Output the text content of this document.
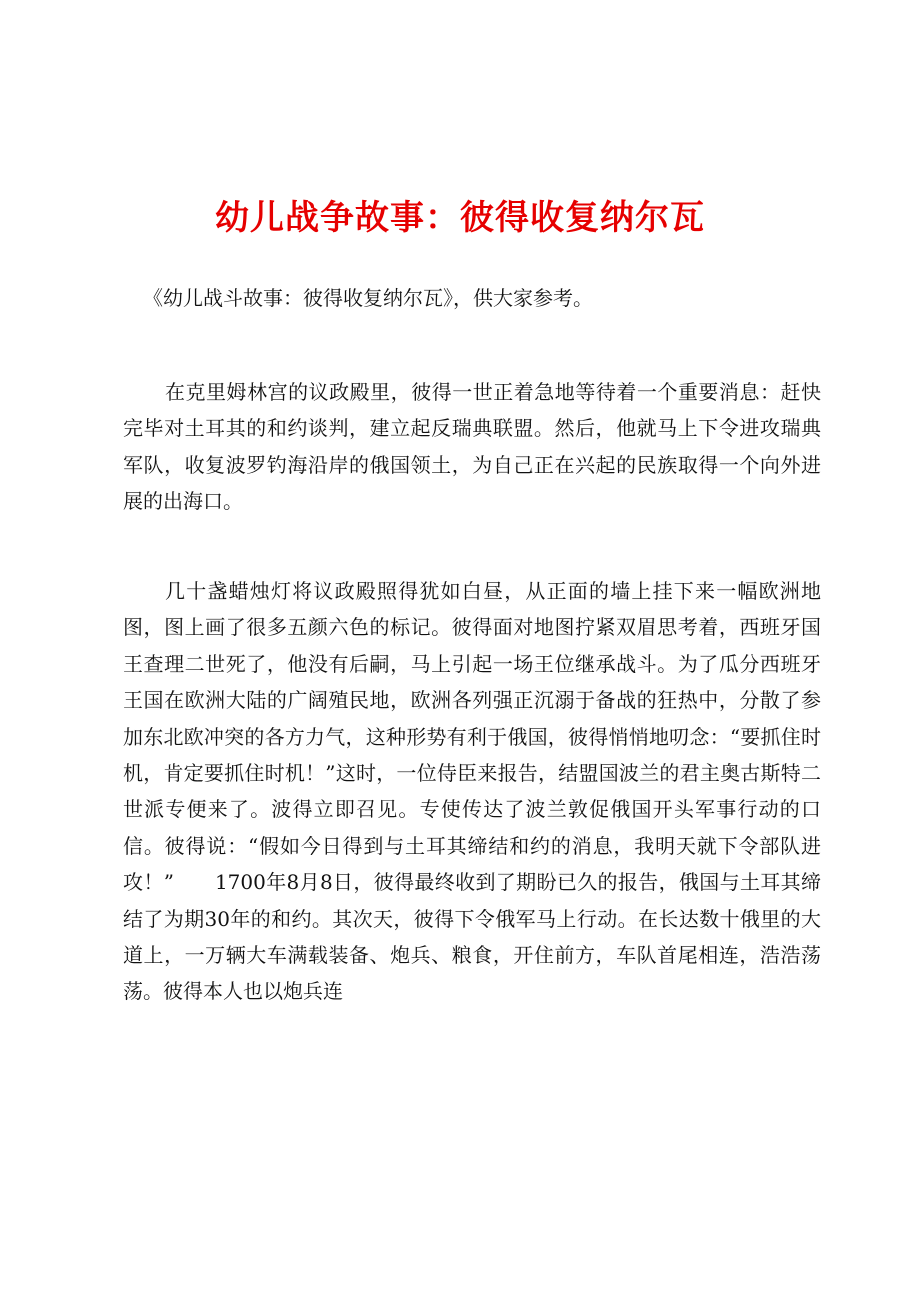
幼儿战争故事：彼得收复纳尔瓦
《幼儿战斗故事：彼得收复纳尔瓦》，供大家参考。

在克里姆林宫的议政殿里，彼得一世正着急地等待着一个重要消息：赶快完毕对土耳其的和约谈判，建立起反瑞典联盟。然后，他就马上下令进攻瑞典军队，收复波罗钓海沿岸的俄国领土，为自己正在兴起的民族取得一个向外进展的出海口。

几十盏蜡烛灯将议政殿照得犹如白昼，从正面的墙上挂下来一幅欧洲地图，图上画了很多五颜六色的标记。彼得面对地图拧紧双眉思考着，西班牙国王查理二世死了，他没有后嗣，马上引起一场王位继承战斗。为了瓜分西班牙王国在欧洲大陆的广阔殖民地，欧洲各列强正沉溺于备战的狂热中，分散了参加东北欧冲突的各方力气，这种形势有利于俄国，彼得悄悄地叨念：“要抓住时机，肯定要抓住时机！”这时，一位侍臣来报告，结盟国波兰的君主奥古斯特二世派专便来了。波得立即召见。专使传达了波兰敦促俄国开头军事行动的口信。彼得说：“假如今日得到与土耳其缔结和约的消息，我明天就下令部队进攻！”　　1700年8月8日，彼得最终收到了期盼已久的报告，俄国与土耳其缔结了为期30年的和约。其次天，彼得下令俄军马上行动。在长达数十俄里的大道上，一万辆大车满载装备、炮兵、粮食，开住前方，车队首尾相连，浩浩荡荡。彼得本人也以炮兵连
